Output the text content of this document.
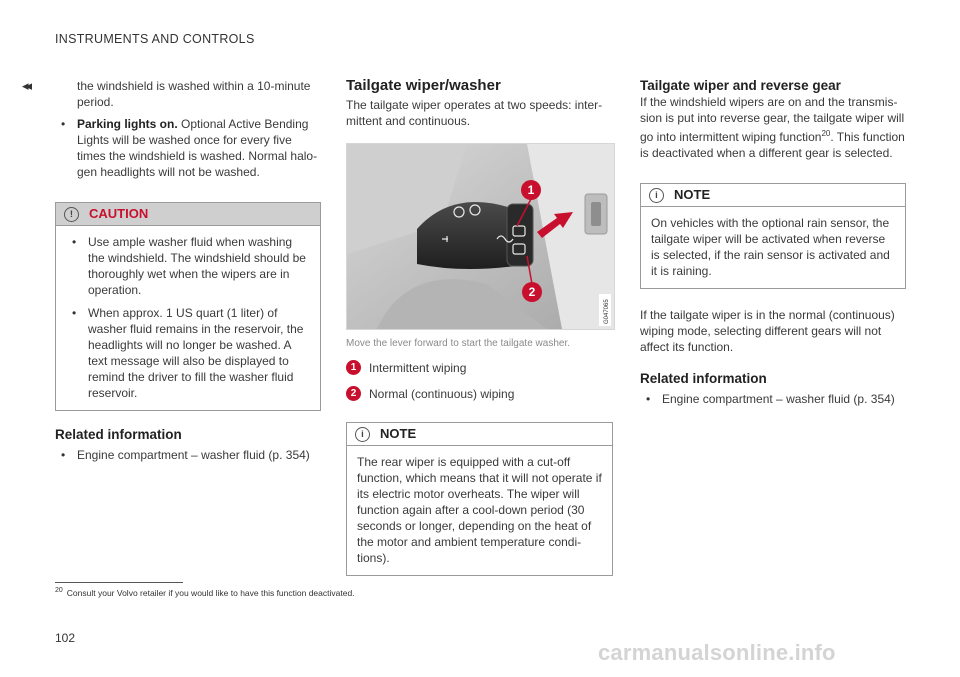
INSTRUMENTS AND CONTROLS
◂◂	the windshield is washed within a 10-minute period.

• Parking lights on. Optional Active Bending Lights will be washed once for every five times the windshield is washed. Normal halo-gen headlights will not be washed.
!	CAUTION
• Use ample washer fluid when washing the windshield. The windshield should be thoroughly wet when the wipers are in operation.
• When approx. 1 US quart (1 liter) of washer fluid remains in the reservoir, the headlights will no longer be washed. A text message will also be displayed to remind the driver to fill the washer fluid reservoir.
Related information
• Engine compartment – washer fluid (p. 354)
Tailgate wiper/washer

The tailgate wiper operates at two speeds: inter-mittent and continuous.

1
2
G047065
Move the lever forward to start the tailgate washer.
1	Intermittent wiping
2	Normal (continuous) wiping
i	NOTE

The rear wiper is equipped with a cut-off function, which means that it will not operate if its electric motor overheats. The wiper will function again after a cool-down period (30 seconds or longer, depending on the heat of the motor and ambient temperature condi-tions).

Tailgate wiper and reverse gear

If the windshield wipers are on and the transmis-sion is put into reverse gear, the tailgate wiper will go into intermittent wiping function$^{20}$. This function is deactivated when a different gear is selected.

i	NOTE

On vehicles with the optional rain sensor, the tailgate wiper will be activated when reverse is selected, if the rain sensor is activated and it is raining.

If the tailgate wiper is in the normal (continuous) wiping mode, selecting different gears will not affect its function.

Related information
• Engine compartment – washer fluid (p. 354)
$^{20}$ Consult your Volvo retailer if you would like to have this function deactivated.
102
carmanualsonline.info
